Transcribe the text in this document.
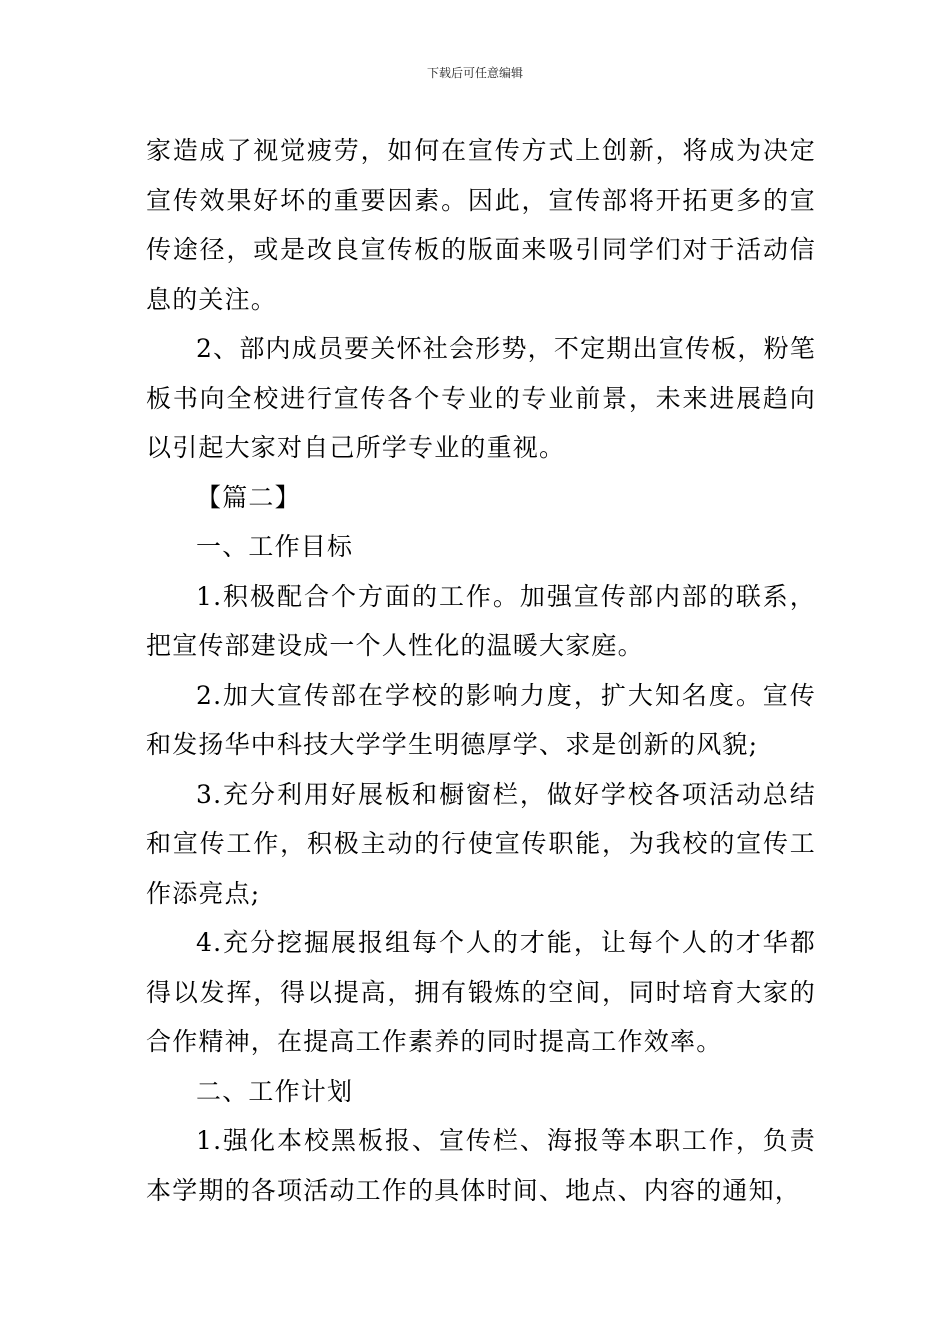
下载后可任意编辑

家造成了视觉疲劳，如何在宣传方式上创新，将成为决定宣传效果好坏的重要因素。因此，宣传部将开拓更多的宣传途径，或是改良宣传板的版面来吸引同学们对于活动信息的关注。

2、部内成员要关怀社会形势，不定期出宣传板，粉笔板书向全校进行宣传各个专业的专业前景，未来进展趋向以引起大家对自己所学专业的重视。

【篇二】

一、工作目标

1.积极配合个方面的工作。加强宣传部内部的联系，把宣传部建设成一个人性化的温暖大家庭。

2.加大宣传部在学校的影响力度，扩大知名度。宣传和发扬华中科技大学学生明德厚学、求是创新的风貌;

3.充分利用好展板和橱窗栏，做好学校各项活动总结和宣传工作，积极主动的行使宣传职能，为我校的宣传工作添亮点;

4.充分挖掘展报组每个人的才能，让每个人的才华都得以发挥，得以提高，拥有锻炼的空间，同时培育大家的合作精神，在提高工作素养的同时提高工作效率。

二、工作计划

1.强化本校黑板报、宣传栏、海报等本职工作，负责本学期的各项活动工作的具体时间、地点、内容的通知，
